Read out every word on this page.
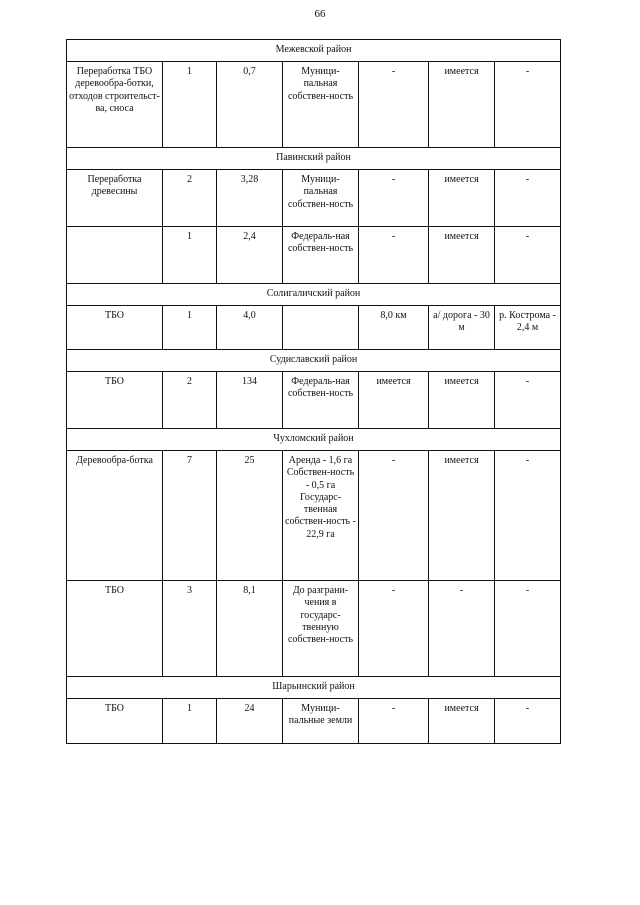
66
Межевской район						
Переработка ТБО деревообра-ботки, отходов строительст-ва, сноса	1	0,7	Муници-пальная собствен-ность	-	имеется	-
Павинский район						
Переработка древесины	2	3,28	Муници-пальная собствен-ность	-	имеется	-
	1	2,4	Федераль-ная собствен-ность	-	имеется	-
Солигаличский район						
ТБО	1	4,0		8,0 км	а/ дорога - 30 м	р. Кострома - 2,4 м
Судиславский район						
ТБО	2	134	Федераль-ная собствен-ность	имеется	имеется	-
Чухломский район						
Деревообра-ботка	7	25	Аренда - 1,6 га Собствен-ность - 0,5 га Государс-твенная собствен-ность - 22,9 га	-	имеется	-
ТБО	3	8,1	До разграни-чения в государс-твенную собствен-ность	-	-	-
Шарьинский район						
ТБО	1	24	Муници-пальные земли	-	имеется	-
